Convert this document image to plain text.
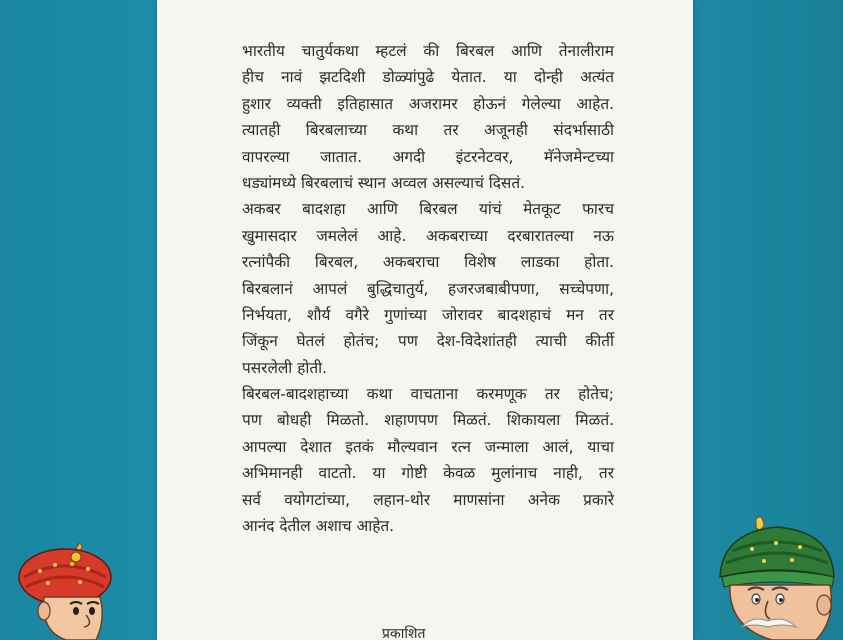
भारतीय चातुर्यकथा म्हटलं की बिरबल आणि तेनालीराम
हीच नावं झटदिशी डोळ्यांपुढे येतात. या दोन्ही अत्यंत
हुशार व्यक्ती इतिहासात अजरामर होऊनं गेलेल्या आहेत.
त्यातही बिरबलाच्या कथा तर अजूनही संदर्भासाठी
वापरल्या जातात. अगदी इंटरनेटवर, मॅनेजमेन्टच्या
धड्यांमध्ये बिरबलाचं स्थान अव्वल असल्याचं दिसतं.
अकबर बादशहा आणि बिरबल यांचं मेतकूट फारच
खुमासदार जमलेलं आहे. अकबराच्या दरबारातल्या नऊ
रत्नांपैकी बिरबल, अकबराचा विशेष लाडका होता.
बिरबलानं आपलं बुद्धिचातुर्य, हजरजबाबीपणा, सच्चेपणा,
निर्भयता, शौर्य वगैरे गुणांच्या जोरावर बादशहाचं मन तर
जिंकून घेतलं होतंच; पण देश-विदेशांतही त्याची कीर्ती
पसरलेली होती.
बिरबल-बादशहाच्या कथा वाचताना करमणूक तर होतेच;
पण बोधही मिळतो. शहाणपण मिळतं. शिकायला मिळतं.
आपल्या देशात इतकं मौल्यवान रत्न जन्माला आलं, याचा
अभिमानही वाटतो. या गोष्टी केवळ मुलांनाच नाही, तर
सर्व वयोगटांच्या, लहान-थोर माणसांना अनेक प्रकारे
आनंद देतील अशाच आहेत.
प्रकाशित
